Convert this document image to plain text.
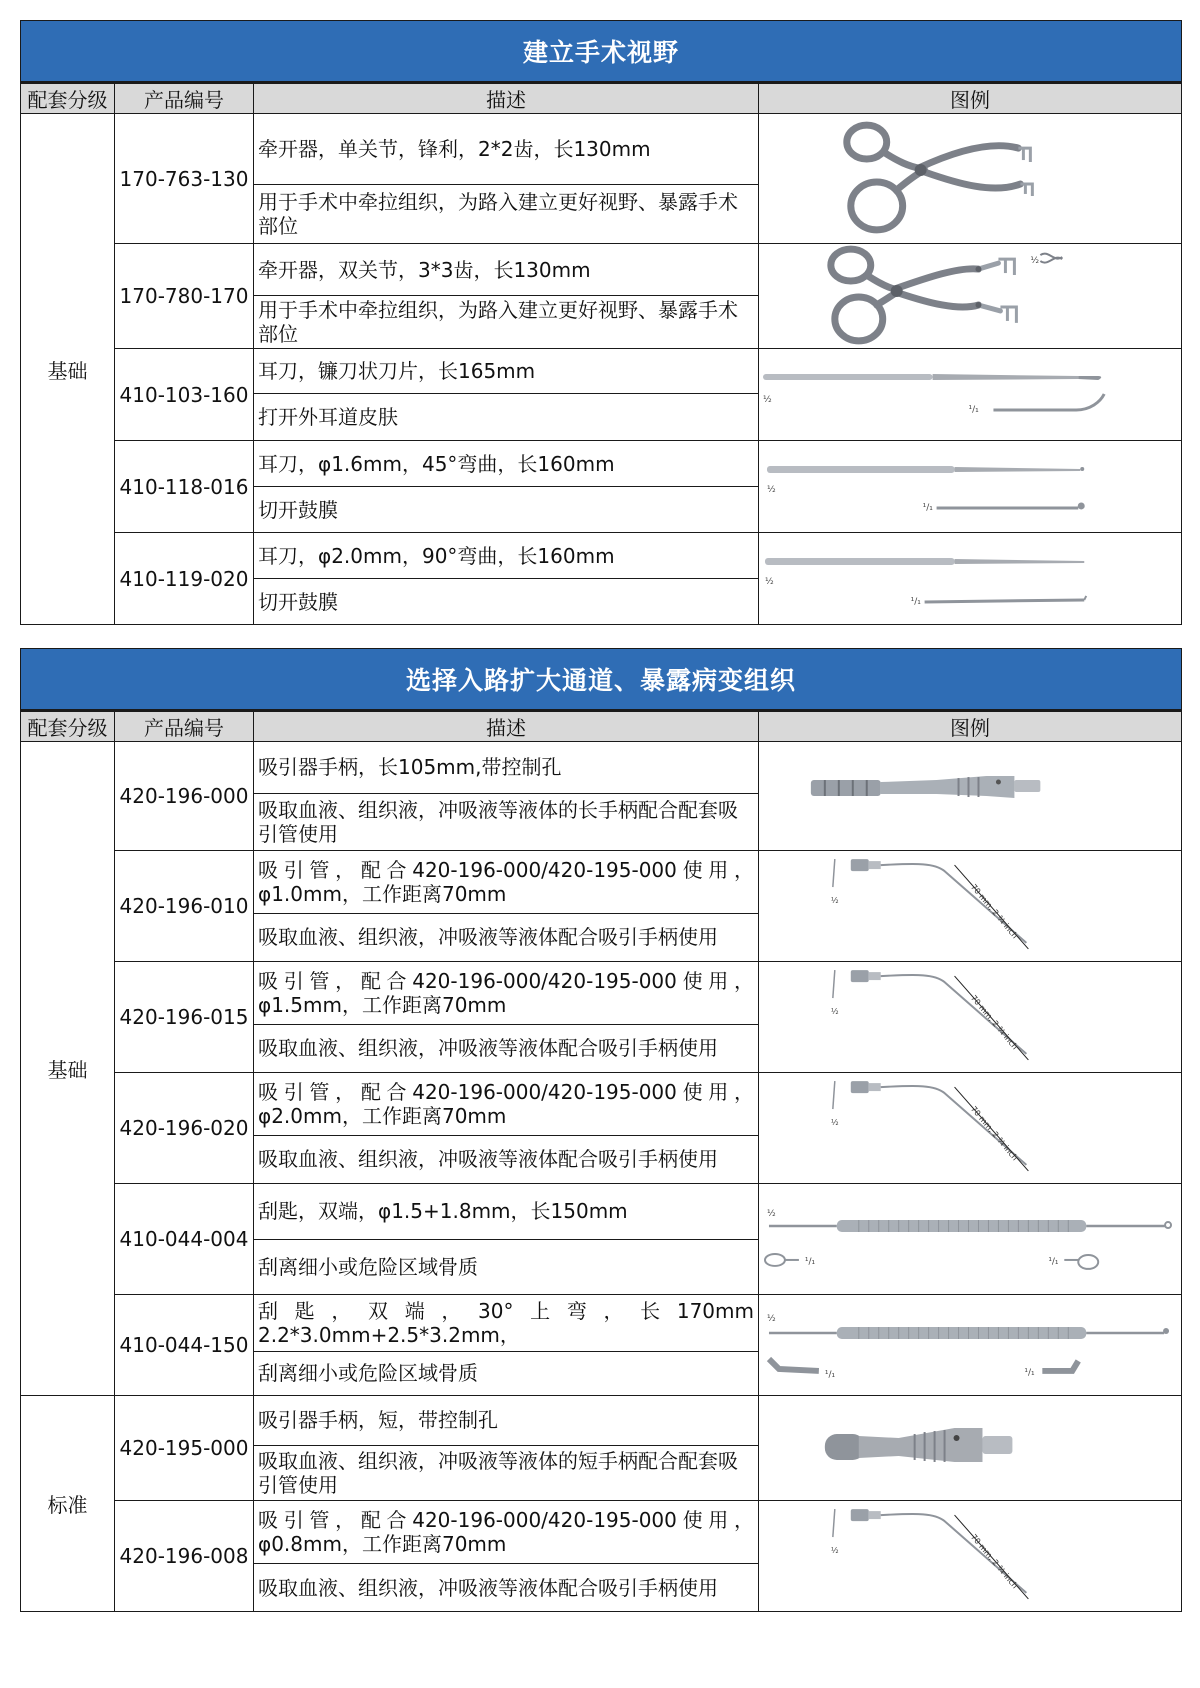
建立手术视野			
配套分级	产品编号	描述	图例
基础	170-763-130	牵开器，单关节，锋利，2*2齿，长130mm	

		用于手术中牵拉组织，为路入建立更好视野、暴露手术部位	
	170-780-170	牵开器，双关节，3*3齿，长130mm	½

		用于手术中牵拉组织，为路入建立更好视野、暴露手术部位	
	410-103-160	耳刀，镰刀状刀片，长165mm	½
¹/₁

		打开外耳道皮肤	
	410-118-016	耳刀，φ1.6mm，45°弯曲，长160mm	½
¹/₁

		切开鼓膜	
	410-119-020	耳刀，φ2.0mm，90°弯曲，长160mm	½
¹/₁

		切开鼓膜	
选择入路扩大通道、暴露病变组织			
配套分级	产品编号	描述	图例
基础	420-196-000	吸引器手柄，长105mm,带控制孔	

		吸取血液、组织液，冲吸液等液体的长手柄配合配套吸引管使用	
	420-196-010	吸引管，配合420-196-000/420-195-000使用，φ1.0mm，工作距离70mm	½ 70 mm, 2 ¾ inch

		吸取血液、组织液，冲吸液等液体配合吸引手柄使用	
	420-196-015	吸引管，配合420-196-000/420-195-000使用，φ1.5mm，工作距离70mm	½ 70 mm, 2 ¾ inch

		吸取血液、组织液，冲吸液等液体配合吸引手柄使用	
	420-196-020	吸引管，配合420-196-000/420-195-000使用，φ2.0mm，工作距离70mm	½ 70 mm, 2 ¾ inch

		吸取血液、组织液，冲吸液等液体配合吸引手柄使用	
	410-044-004	刮匙，双端，φ1.5+1.8mm，长150mm	½
¹/₁ ¹/₁

		刮离细小或危险区域骨质	
	410-044-150	刮匙，双端，30°上弯，长170mm 2.2*3.0mm+2.5*3.2mm，	½
¹/₁ ¹/₁

		刮离细小或危险区域骨质	
标准	420-195-000	吸引器手柄，短，带控制孔	

		吸取血液、组织液，冲吸液等液体的短手柄配合配套吸引管使用	
	420-196-008	吸引管，配合420-196-000/420-195-000使用，φ0.8mm，工作距离70mm	½ 70 mm, 2 ¾ inch

		吸取血液、组织液，冲吸液等液体配合吸引手柄使用	
